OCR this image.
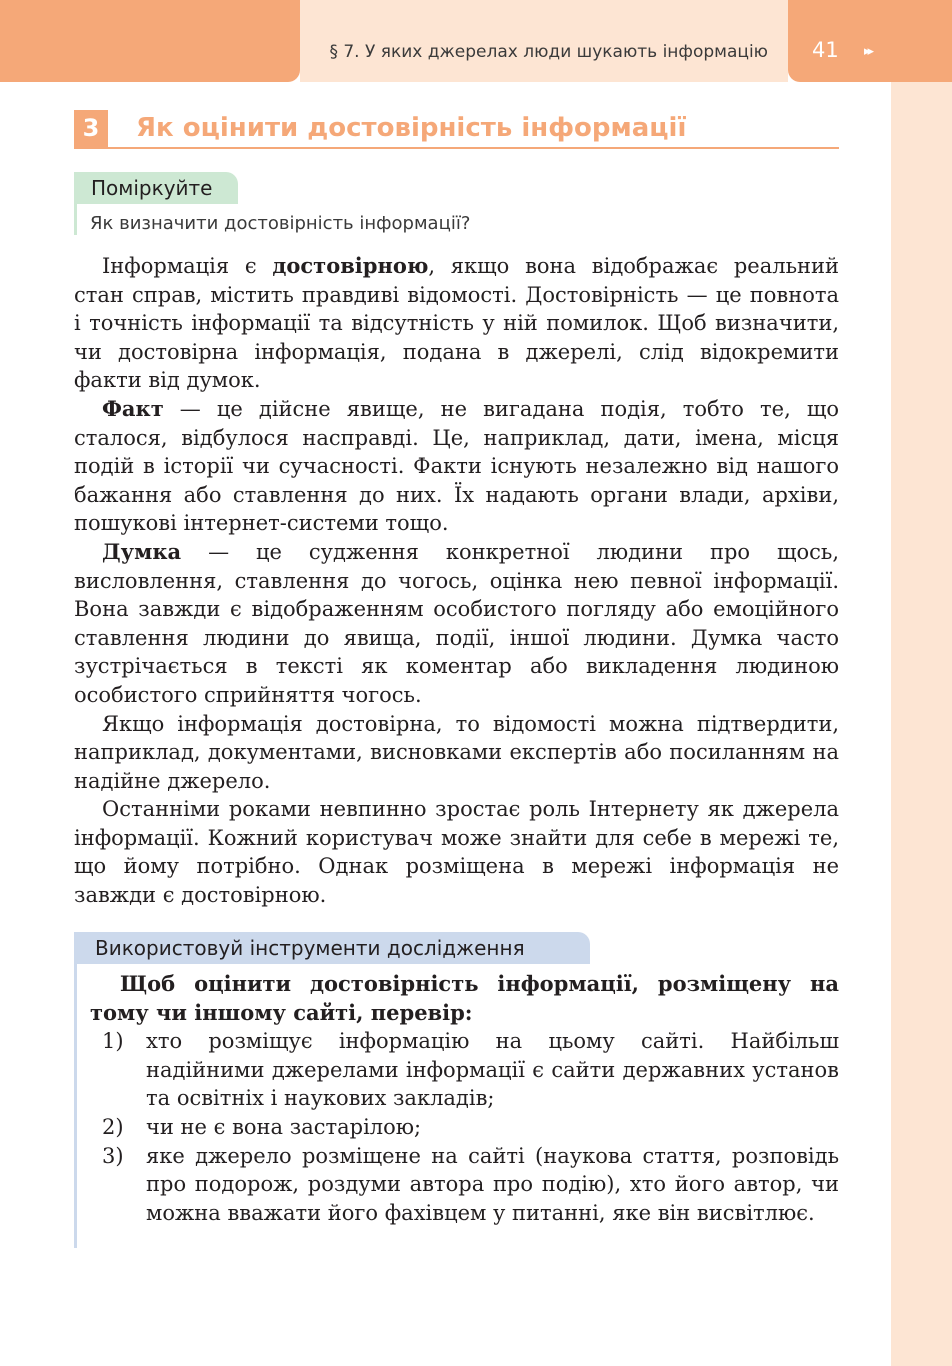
§ 7. У яких джерелах люди шукають інформацію 41 ▸▸
3	Як оцінити достовірність інформації
Поміркуйте
Як визначити достовірність інформації?

Інформація є достовірною, якщо вона відображає реальний стан справ, містить правдиві відомості. Достовірність — це повнота і точність інформації та відсутність у ній помилок. Щоб визначити, чи достовірна інформація, подана в джерелі, слід відокремити факти від думок.

Факт — це дійсне явище, не вигадана подія, тобто те, що сталося, відбулося насправді. Це, наприклад, дати, імена, місця подій в історії чи сучасності. Факти існують незалежно від нашого бажання або ставлення до них. Їх надають органи влади, архіви, пошукові інтернет-системи тощо.

Думка — це судження конкретної людини про щось, висловлення, ставлення до чогось, оцінка нею певної інформації. Вона завжди є відображенням особистого погляду або емоційного ставлення людини до явища, події, іншої людини. Думка часто зустрічається в тексті як коментар або викладення людиною особистого сприйняття чогось.

Якщо інформація достовірна, то відомості можна підтвердити, наприклад, документами, висновками експертів або посиланням на надійне джерело.

Останніми роками невпинно зростає роль Інтернету як джерела інформації. Кожний користувач може знайти для себе в мережі те, що йому потрібно. Однак розміщена в мережі інформація не завжди є достовірною.

Використовуй інструменти дослідження

Щоб оцінити достовірність інформації, розміщену на тому чи іншому сайті, перевір:

1) хто розміщує інформацію на цьому сайті. Найбільш надійними джерелами інформації є сайти державних установ та освітніх і наукових закладів;
2) чи не є вона застарілою;
3) яке джерело розміщене на сайті (наукова стаття, розповідь про подорож, роздуми автора про подію), хто його автор, чи можна вважати його фахівцем у питанні, яке він висвітлює.
